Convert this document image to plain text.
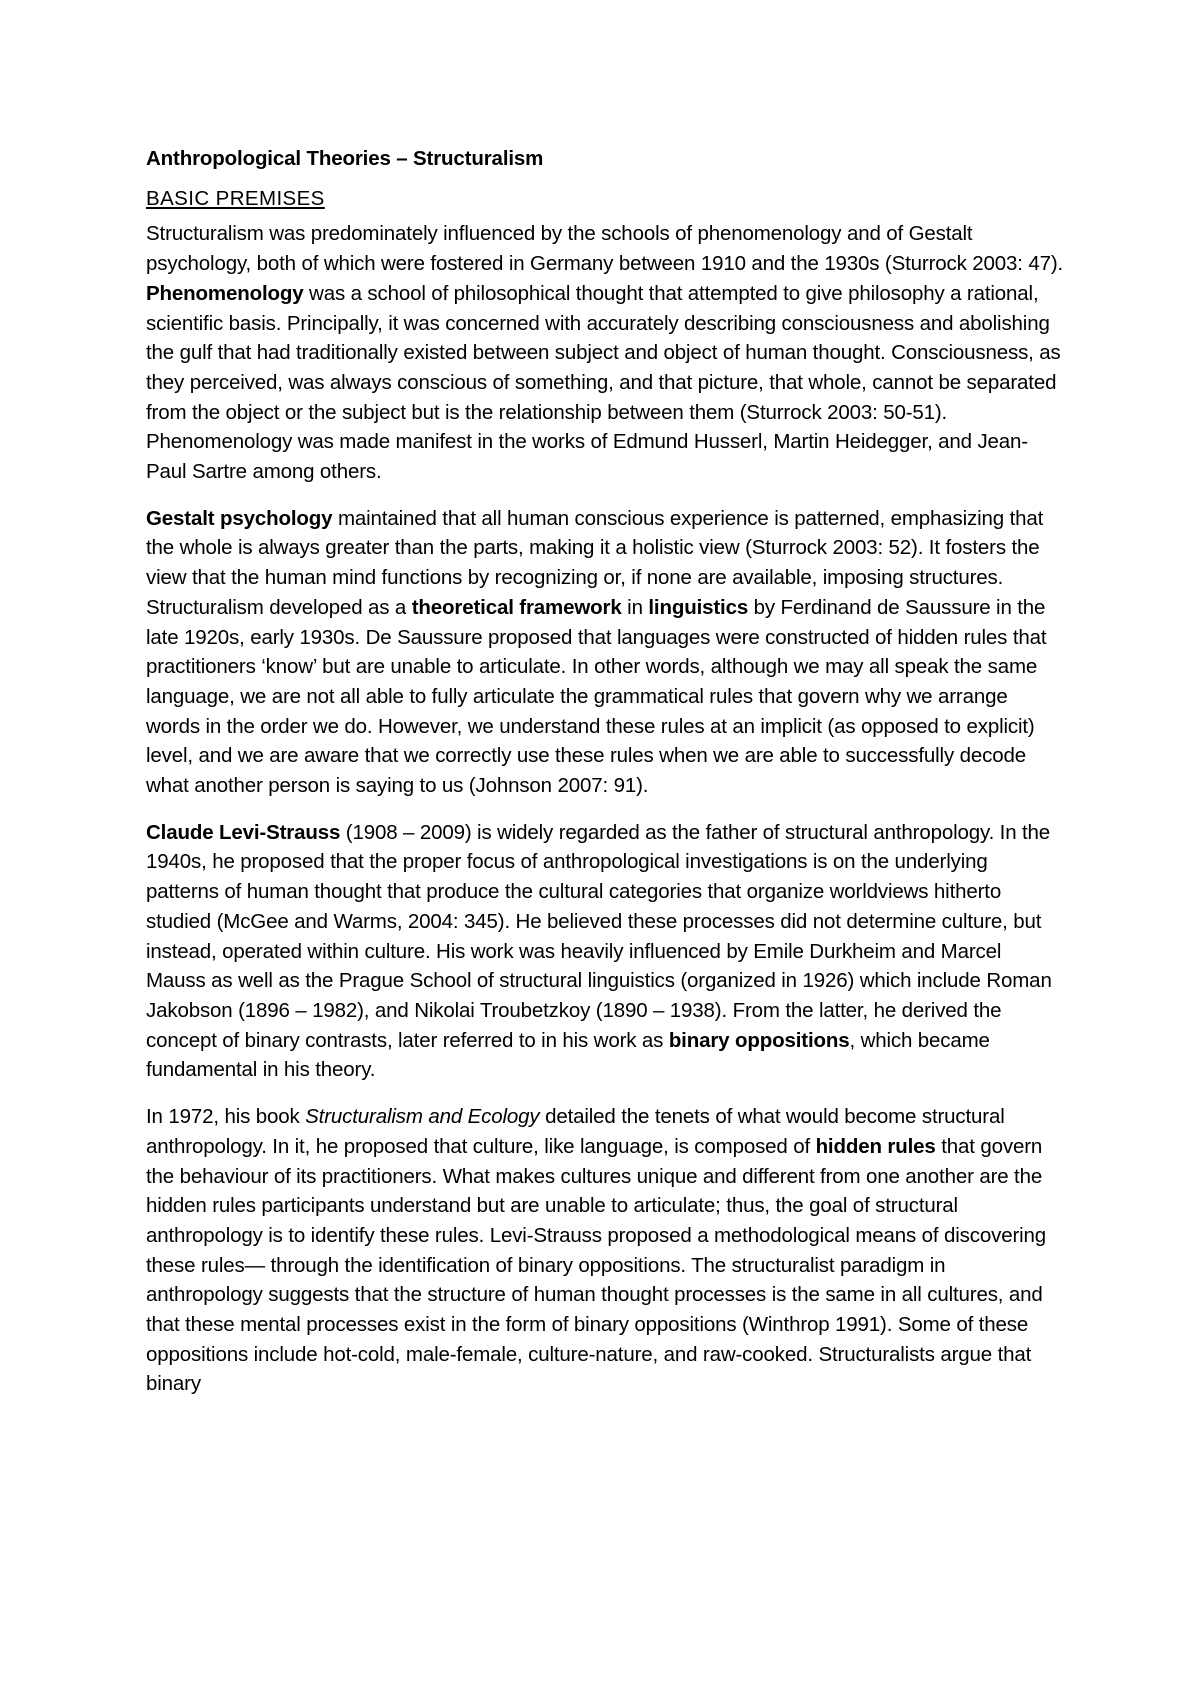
Anthropological Theories – Structuralism
BASIC PREMISES

Structuralism was predominately influenced by the schools of phenomenology and of Gestalt psychology, both of which were fostered in Germany between 1910 and the 1930s (Sturrock 2003: 47). Phenomenology was a school of philosophical thought that attempted to give philosophy a rational, scientific basis. Principally, it was concerned with accurately describing consciousness and abolishing the gulf that had traditionally existed between subject and object of human thought. Consciousness, as they perceived, was always conscious of something, and that picture, that whole, cannot be separated from the object or the subject but is the relationship between them (Sturrock 2003: 50-51). Phenomenology was made manifest in the works of Edmund Husserl, Martin Heidegger, and Jean-Paul Sartre among others.

Gestalt psychology maintained that all human conscious experience is patterned, emphasizing that the whole is always greater than the parts, making it a holistic view (Sturrock 2003: 52). It fosters the view that the human mind functions by recognizing or, if none are available, imposing structures.

Structuralism developed as a theoretical framework in linguistics by Ferdinand de Saussure in the late 1920s, early 1930s. De Saussure proposed that languages were constructed of hidden rules that practitioners ‘know’ but are unable to articulate. In other words, although we may all speak the same language, we are not all able to fully articulate the grammatical rules that govern why we arrange words in the order we do. However, we understand these rules at an implicit (as opposed to explicit) level, and we are aware that we correctly use these rules when we are able to successfully decode what another person is saying to us (Johnson 2007: 91).

Claude Levi-Strauss (1908 – 2009) is widely regarded as the father of structural anthropology. In the 1940s, he proposed that the proper focus of anthropological investigations is on the underlying patterns of human thought that produce the cultural categories that organize worldviews hitherto studied (McGee and Warms, 2004: 345). He believed these processes did not determine culture, but instead, operated within culture. His work was heavily influenced by Emile Durkheim and Marcel Mauss as well as the Prague School of structural linguistics (organized in 1926) which include Roman Jakobson (1896 – 1982), and Nikolai Troubetzkoy (1890 – 1938). From the latter, he derived the concept of binary contrasts, later referred to in his work as binary oppositions, which became fundamental in his theory.

In 1972, his book Structuralism and Ecology detailed the tenets of what would become structural anthropology. In it, he proposed that culture, like language, is composed of hidden rules that govern the behaviour of its practitioners. What makes cultures unique and different from one another are the hidden rules participants understand but are unable to articulate; thus, the goal of structural anthropology is to identify these rules. Levi-Strauss proposed a methodological means of discovering these rules— through the identification of binary oppositions. The structuralist paradigm in anthropology suggests that the structure of human thought processes is the same in all cultures, and that these mental processes exist in the form of binary oppositions (Winthrop 1991). Some of these oppositions include hot-cold, male-female, culture-nature, and raw-cooked. Structuralists argue that binary
